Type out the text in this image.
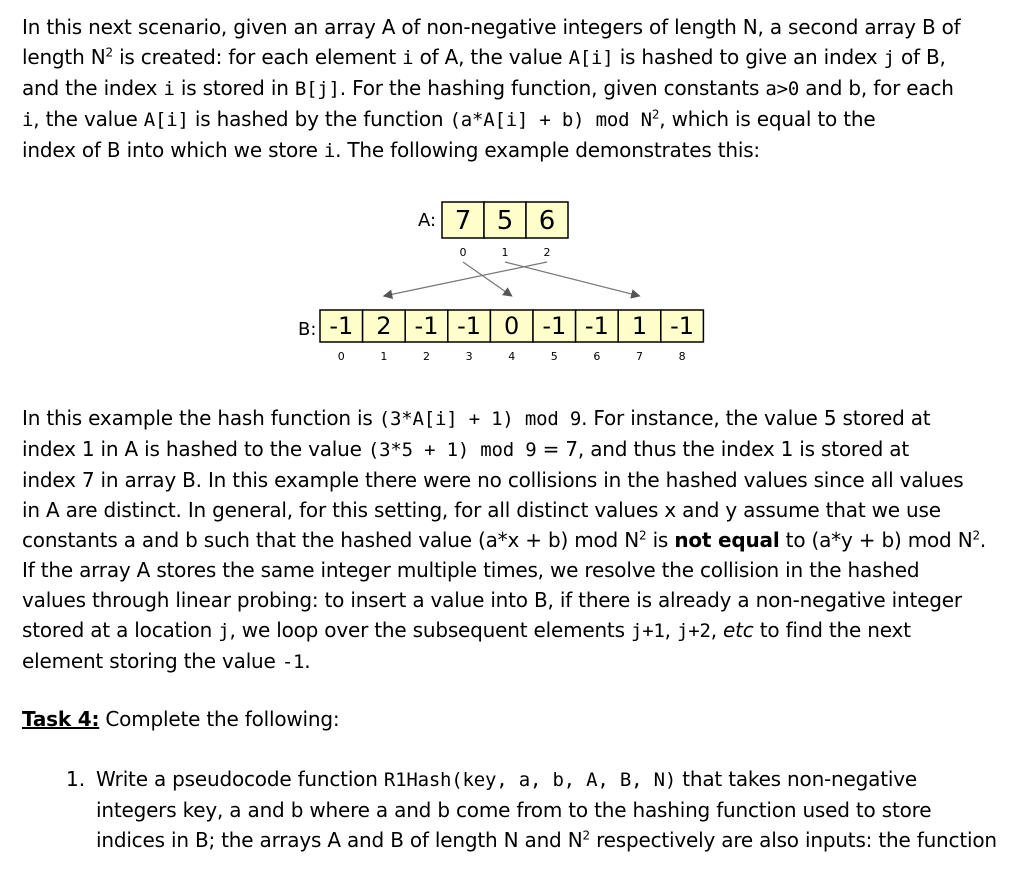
In this next scenario, given an array A of non-negative integers of length N, a second array B of
length $N^2$ is created: for each element i of A, the value A[i] is hashed to give an index j of B,
and the index i is stored in B[j]. For the hashing function, given constants a>0 and b, for each
i, the value A[i] is hashed by the function (a*A[i] + b) mod $N^2$, which is equal to the
index of B into which we store i. The following example demonstrates this:
A: 7 5 6
0	1	2
B: -1 2 -1 -1 0 -1 -1 1 -1
0	1	2	3	4	5	6	7	8
In this example the hash function is (3*A[i] + 1) mod 9. For instance, the value 5 stored at
index 1 in A is hashed to the value (3*5 + 1) mod 9 = 7, and thus the index 1 is stored at
index 7 in array B. In this example there were no collisions in the hashed values since all values
in A are distinct. In general, for this setting, for all distinct values x and y assume that we use
constants a and b such that the hashed value (a*x + b) mod $N^2$ is not equal to (a*y + b) mod $N^2$.
If the array A stores the same integer multiple times, we resolve the collision in the hashed
values through linear probing: to insert a value into B, if there is already a non-negative integer
stored at a location j, we loop over the subsequent elements j+1, j+2, etc to find the next
element storing the value -1.
Task 4: Complete the following:
1. Write a pseudocode function R1Hash(key, a, b, A, B, N) that takes non-negative
integers key, a and b where a and b come from to the hashing function used to store
indices in B; the arrays A and B of length N and $N^2$ respectively are also inputs: the function
